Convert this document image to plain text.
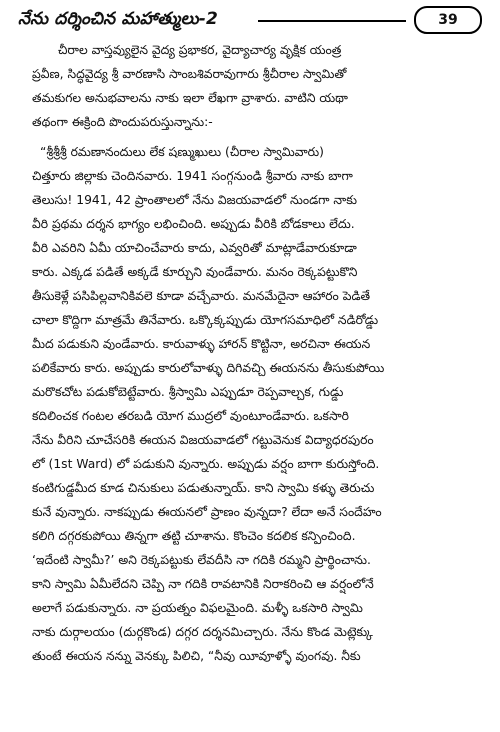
నేను దర్శించిన మహాత్ములు-2	39
చీరాల వాస్తవ్యులైన వైద్య ప్రభాకర, వైద్యాచార్య వృక్షిక యంత్ర
ప్రవీణ, సిద్ధవైద్య శ్రీ వారణాసి సాంబశివరావుగారు శ్రీచీరాల స్వామితో
తమకుగల అనుభవాలను నాకు ఇలా లేఖగా వ్రాశారు. వాటిని యథా
తథంగా ఈక్రింది పొందుపరుస్తున్నాను:-
“శ్రీశ్రీశ్రీ రమణానందులు లేక షణ్ముఖులు (చీరాల స్వామివారు)
చిత్తూరు జిల్లాకు చెందినవారు. 1941 సంగ్గనుండి శ్రీవారు నాకు బాగా
తెలుసు! 1941, 42 ప్రాంతాలలో నేను విజయవాడలో నుండగా నాకు
వీరి ప్రథమ దర్శన భాగ్యం లభించింది. అప్పుడు వీరికి బోడకాలు లేదు.
వీరి ఎవరిని ఏమీ యాచించేవారు కాదు, ఎవ్వరితో మాట్లాడేవారుకూడా
కారు. ఎక్కడ పడితే అక్కడే కూర్చుని వుండేవారు. మనం రెక్కపట్టుకొని
తీసుకెళ్లే పసిపిల్లవానికివలె కూడా వచ్చేవారు. మనమేదైనా ఆహారం పెడితే
చాలా కొద్దిగా మాత్రమే తినేవారు. ఒక్కొక్కప్పుడు యోగసమాధిలో నడిరోడ్డు
మీద పడుకుని వుండేవారు. కారువాళ్ళు హారన్ కొట్టినా, అరచినా ఈయన
పలికేవారు కారు. అప్పుడు కారులోవాళ్ళు దిగివచ్చి ఈయనను తీసుకుపోయి
మరొకచోట పడుకోబెట్టేవారు. శ్రీస్వామి ఎప్పుడూ రెప్పవాల్చక, గుడ్డు
కదిలించక గంటల తరబడి యోగ ముద్రలో వుంటూండేవారు. ఒకసారి
నేను వీరిని చూచేసరికి ఈయన విజయవాడలో గట్టువెనుక విద్యాధరపురం
లో (1st Ward) లో పడుకుని వున్నారు. అప్పుడు వర్షం బాగా కురుస్తోంది.
కంటిగుడ్డమీద కూడ చినుకులు పడుతున్నాయ్. కాని స్వామి కళ్ళు తెరుచు
కునే వున్నారు. నాకప్పుడు ఈయనలో ప్రాణం వున్నదా? లేదా అనే సందేహం
కలిగి దగ్గరకుపోయి తిన్నగా తట్టి చూశాను. కొంచెం కదలిక కన్పించింది.
‘ఇదేంటి స్వామీ?’ అని రెక్కపట్టుకు లేవదీసి నా గదికి రమ్మని ప్రార్థించాను.
కాని స్వామి ఏమీలేదని చెప్పి నా గదికి రావటానికి నిరాకరించి ఆ వర్షంలోనే
అలాగే పడుకున్నారు. నా ప్రయత్నం విఫలమైంది. మళ్ళీ ఒకసారి స్వామి
నాకు దుర్గాలయం (దుర్గకొండ) దగ్గర దర్శనమిచ్చారు. నేను కొండ మెట్లెక్కు
తుంటే ఈయన నన్ను వెనక్కు పిలిచి, “నీవు యీవూళ్ళో వుంగవు. నీకు
